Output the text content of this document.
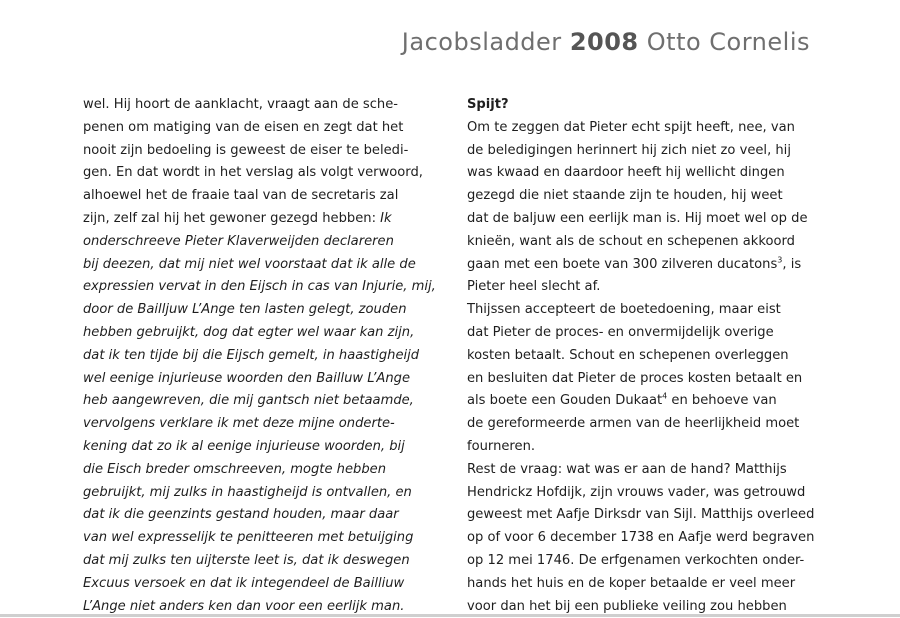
Jacobsladder 2008 Otto Cornelis
wel. Hij hoort de aanklacht, vraagt aan de sche-
penen om matiging van de eisen en zegt dat het
nooit zijn bedoeling is geweest de eiser te beledi-
gen. En dat wordt in het verslag als volgt verwoord,
alhoewel het de fraaie taal van de secretaris zal
zijn, zelf zal hij het gewoner gezegd hebben: Ik
onderschreeve Pieter Klaverweijden declareren
bij deezen, dat mij niet wel voorstaat dat ik alle de
expressien vervat in den Eijsch in cas van Injurie, mij,
door de Bailljuw L’Ange ten lasten gelegt, zouden
hebben gebruijkt, dog dat egter wel waar kan zijn,
dat ik ten tijde bij die Eijsch gemelt, in haastigheijd
wel eenige injurieuse woorden den Bailluw L’Ange
heb aangewreven, die mij gantsch niet betaamde,
vervolgens verklare ik met deze mijne onderte-
kening dat zo ik al eenige injurieuse woorden, bij
die Eisch breder omschreeven, mogte hebben
gebruijkt, mij zulks in haastigheijd is ontvallen, en
dat ik die geenzints gestand houden, maar daar
van wel expresselijk te penitteeren met betuijging
dat mij zulks ten uijterste leet is, dat ik deswegen
Excuus versoek en dat ik integendeel de Bailliuw
L’Ange niet anders ken dan voor een eerlijk man.
Spijt?
Om te zeggen dat Pieter echt spijt heeft, nee, van
de beledigingen herinnert hij zich niet zo veel, hij
was kwaad en daardoor heeft hij wellicht dingen
gezegd die niet staande zijn te houden, hij weet
dat de baljuw een eerlijk man is. Hij moet wel op de
knieën, want als de schout en schepenen akkoord
gaan met een boete van 300 zilveren ducatons$^3$, is
Pieter heel slecht af.
Thijssen accepteert de boetedoening, maar eist
dat Pieter de proces- en onvermijdelijk overige
kosten betaalt. Schout en schepenen overleggen
en besluiten dat Pieter de proces kosten betaalt en
als boete een Gouden Dukaat$^4$ en behoeve van
de gereformeerde armen van de heerlijkheid moet
fourneren.
Rest de vraag: wat was er aan de hand? Matthijs
Hendrickz Hofdijk, zijn vrouws vader, was getrouwd
geweest met Aafje Dirksdr van Sijl. Matthijs overleed
op of voor 6 december 1738 en Aafje werd begraven
op 12 mei 1746. De erfgenamen verkochten onder-
hands het huis en de koper betaalde er veel meer
voor dan het bij een publieke veiling zou hebben
